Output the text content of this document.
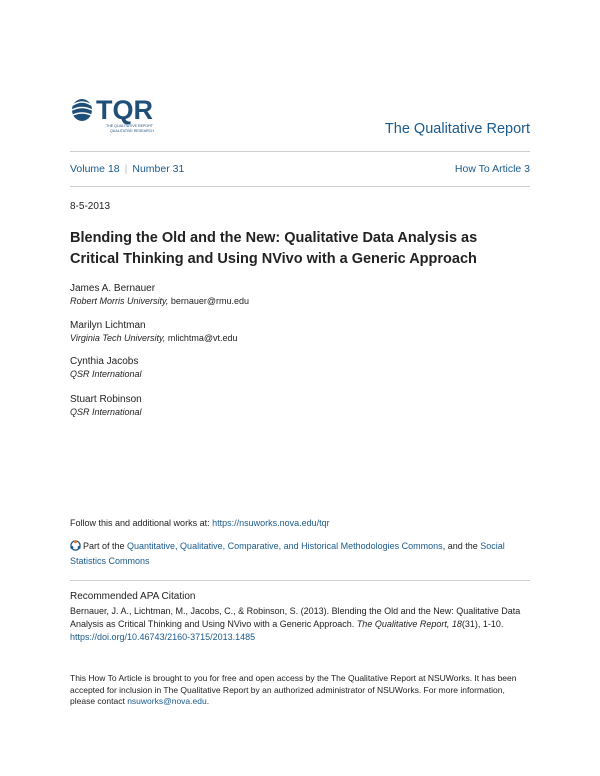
TQR
THE QUALITATIVE REPORT
QUALITATIVE RESEARCH	The Qualitative Report
Volume 18 | Number 31	How To Article 3
8-5-2013
Blending the Old and the New: Qualitative Data Analysis as Critical Thinking and Using NVivo with a Generic Approach
James A. Bernauer
Robert Morris University, bernauer@rmu.edu
Marilyn Lichtman
Virginia Tech University, mlichtma@vt.edu
Cynthia Jacobs
QSR International
Stuart Robinson
QSR International
Follow this and additional works at: https://nsuworks.nova.edu/tqr
Part of the Quantitative, Qualitative, Comparative, and Historical Methodologies Commons, and the Social Statistics Commons
Recommended APA Citation
Bernauer, J. A., Lichtman, M., Jacobs, C., & Robinson, S. (2013). Blending the Old and the New: Qualitative Data Analysis as Critical Thinking and Using NVivo with a Generic Approach. The Qualitative Report, 18(31), 1-10. https://doi.org/10.46743/2160-3715/2013.1485
This How To Article is brought to you for free and open access by the The Qualitative Report at NSUWorks. It has been accepted for inclusion in The Qualitative Report by an authorized administrator of NSUWorks. For more information, please contact nsuworks@nova.edu.
